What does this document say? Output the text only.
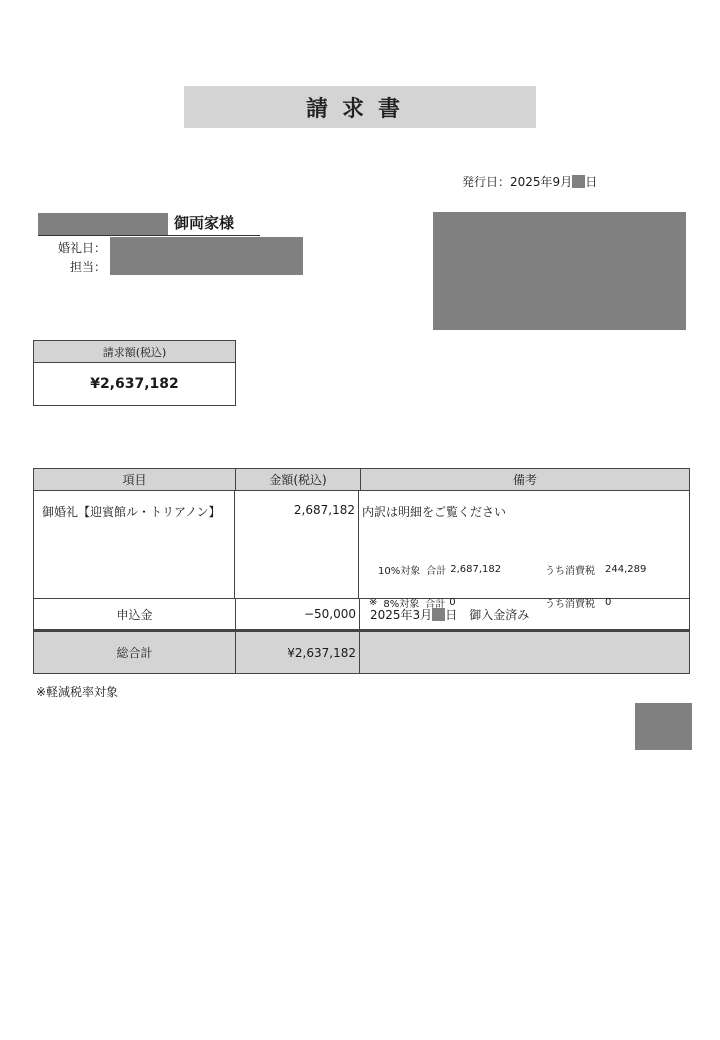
請求書
発行日： 2025年9月 日
御両家様
婚礼日：
担当：
請求額(税込)
¥2,637,182
項目	金額(税込)	備考
御婚礼【迎賓館ル・トリアノン】	2,687,182 内訳は明細をご覧ください
10%対象 合計 2,687,182	うち消費税 244,289
※ 8%対象 合計 0	うち消費税 0
申込金	−50,000	2025年3月 日　御入金済み
総合計	¥2,637,182
※軽減税率対象
